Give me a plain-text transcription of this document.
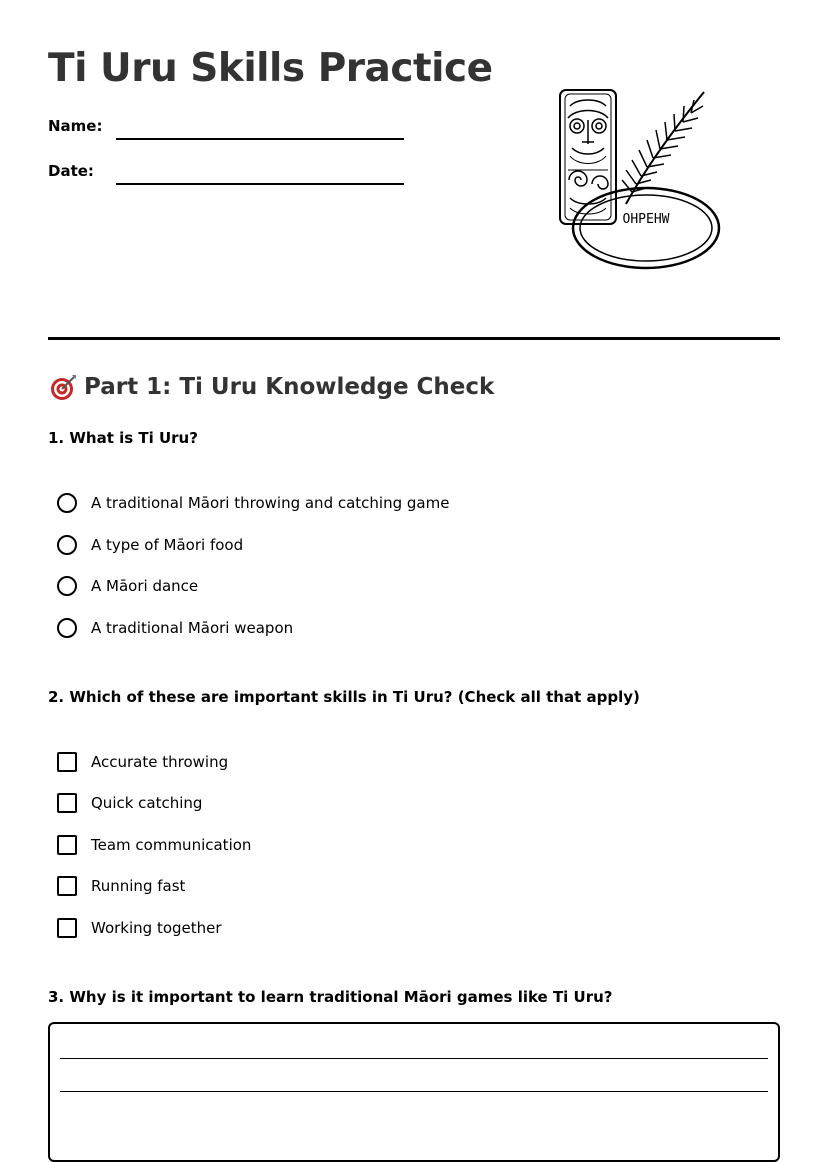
Ti Uru Skills Practice
Name:
Date:
OHPEHW
Part 1: Ti Uru Knowledge Check

1. What is Ti Uru?

A traditional Māori throwing and catching game
A type of Māori food
A Māori dance
A traditional Māori weapon

2. Which of these are important skills in Ti Uru? (Check all that apply)

Accurate throwing
Quick catching
Team communication
Running fast
Working together

3. Why is it important to learn traditional Māori games like Ti Uru?
